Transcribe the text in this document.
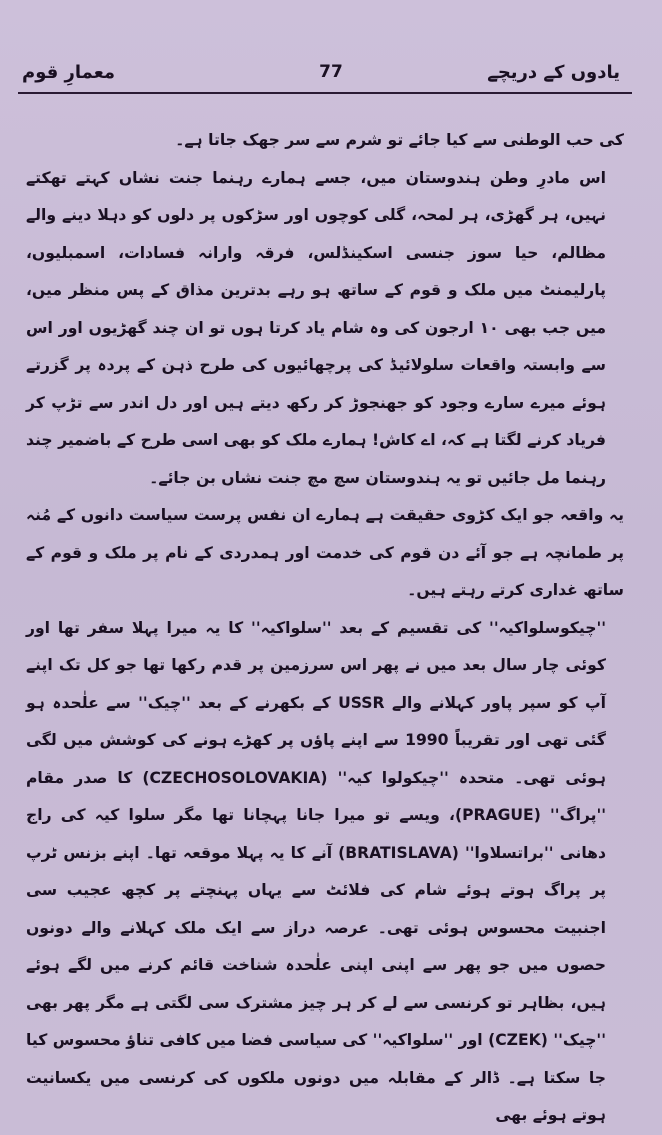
یادوں کے دریچے
77
معمارِ قوم

کی حب الوطنی سے کیا جائے تو شرم سے سر جھک جاتا ہے۔

اس مادرِ وطن ہندوستان میں، جسے ہمارے رہنما جنت نشاں کہتے تھکتے نہیں، ہر گھڑی، ہر لمحہ، گلی کوچوں اور سڑکوں پر دلوں کو دہلا دینے والے مظالم، حیا سوز جنسی اسکینڈلس، فرقہ وارانہ فسادات، اسمبلیوں، پارلیمنٹ میں ملک و قوم کے ساتھ ہو رہے بدترین مذاق کے پس منظر میں، میں جب بھی ۱۰ ارجون کی وہ شام یاد کرتا ہوں تو ان چند گھڑیوں اور اس سے وابستہ واقعات سلولائیڈ کی پرچھائیوں کی طرح ذہن کے پردہ پر گزرتے ہوئے میرے سارے وجود کو جھنجوڑ کر رکھ دیتے ہیں اور دل اندر سے تڑپ کر فریاد کرنے لگتا ہے کہ، اے کاش! ہمارے ملک کو بھی اسی طرح کے باضمیر چند رہنما مل جائیں تو یہ ہندوستان سچ مچ جنت نشاں بن جائے۔

یہ واقعہ جو ایک کڑوی حقیقت ہے ہمارے ان نفس پرست سیاست دانوں کے مُنہ پر طمانچہ ہے جو آئے دن قوم کی خدمت اور ہمدردی کے نام پر ملک و قوم کے ساتھ غداری کرتے رہتے ہیں۔

''چیکوسلواکیہ'' کی تقسیم کے بعد ''سلواکیہ'' کا یہ میرا پہلا سفر تھا اور کوئی چار سال بعد میں نے پھر اس سرزمین پر قدم رکھا تھا جو کل تک اپنے آپ کو سپر پاور کہلانے والے USSR کے بکھرنے کے بعد ''چیک'' سے علٰحدہ ہو گئی تھی اور تقریباً 1990 سے اپنے پاؤں پر کھڑے ہونے کی کوشش میں لگی ہوئی تھی۔ متحدہ ''چیکولوا کیہ'' (CZECHOSOLOVAKIA) کا صدر مقام ''پراگ'' (PRAGUE)، ویسے تو میرا جانا پہچانا تھا مگر سلوا کیہ کی راج دھانی ''براتسلاوا'' (BRATISLAVA) آنے کا یہ پہلا موقعہ تھا۔ اپنے بزنس ٹرپ پر پراگ ہوتے ہوئے شام کی فلائٹ سے یہاں پہنچتے پر کچھ عجیب سی اجنبیت محسوس ہوئی تھی۔ عرصہ دراز سے ایک ملک کہلانے والے دونوں حصوں میں جو پھر سے اپنی اپنی علٰحدہ شناخت قائم کرنے میں لگے ہوئے ہیں، بظاہر تو کرنسی سے لے کر ہر چیز مشترک سی لگتی ہے مگر پھر بھی ''چیک'' (CZEK) اور ''سلواکیہ'' کی سیاسی فضا میں کافی تناؤ محسوس کیا جا سکتا ہے۔ ڈالر کے مقابلہ میں دونوں ملکوں کی کرنسی میں یکسانیت ہوتے ہوئے بھی
